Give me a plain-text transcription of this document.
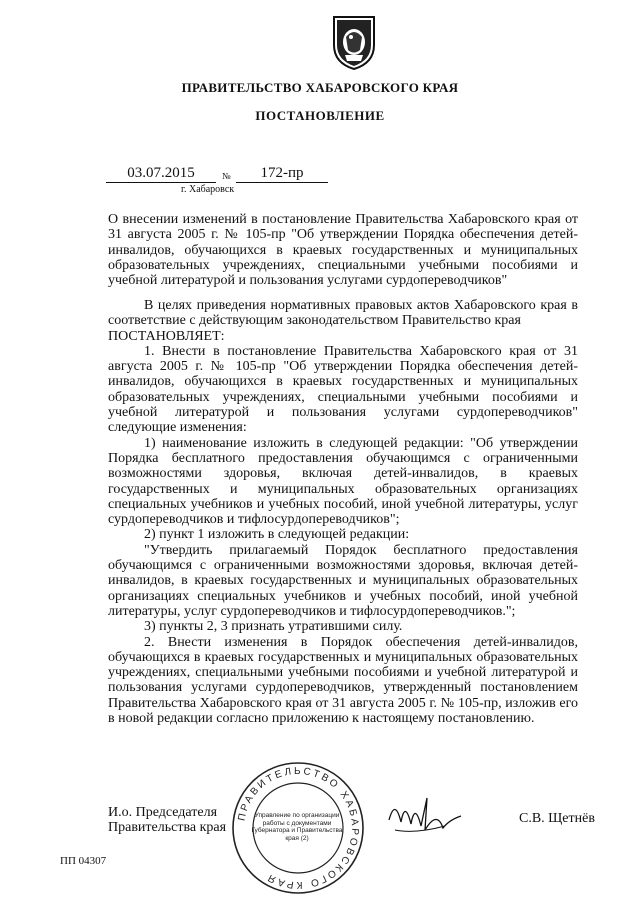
ПРАВИТЕЛЬСТВО ХАБАРОВСКОГО КРАЯ
ПОСТАНОВЛЕНИЕ
03.07.2015	№	172-пр
г. Хабаровск
О внесении изменений в постановление Правительства Хабаровского края от 31 августа 2005 г. № 105-пр "Об утверждении Порядка обеспечения детей-инвалидов, обучающихся в краевых государственных и муниципальных образовательных учреждениях, специальными учебными пособиями и учебной литературой и пользования услугами сурдопереводчиков"

В целях приведения нормативных правовых актов Хабаровского края в соответствие с действующим законодательством Правительство края

ПОСТАНОВЛЯЕТ:

1. Внести в постановление Правительства Хабаровского края от 31 августа 2005 г. № 105-пр "Об утверждении Порядка обеспечения детей-инвалидов, обучающихся в краевых государственных и муниципальных образовательных учреждениях, специальными учебными пособиями и учебной литературой и пользования услугами сурдопереводчиков" следующие изменения:

1) наименование изложить в следующей редакции: "Об утверждении Порядка бесплатного предоставления обучающимся с ограниченными возможностями здоровья, включая детей-инвалидов, в краевых государственных и муниципальных образовательных организациях специальных учебников и учебных пособий, иной учебной литературы, услуг сурдопереводчиков и тифлосурдопереводчиков";

2) пункт 1 изложить в следующей редакции:

"Утвердить прилагаемый Порядок бесплатного предоставления обучающимся с ограниченными возможностями здоровья, включая детей-инвалидов, в краевых государственных и муниципальных образовательных организациях специальных учебников и учебных пособий, иной учебной литературы, услуг сурдопереводчиков и тифлосурдопереводчиков.";

3) пункты 2, 3 признать утратившими силу.

2. Внести изменения в Порядок обеспечения детей-инвалидов, обучающихся в краевых государственных и муниципальных образовательных учреждениях, специальными учебными пособиями и учебной литературой и пользования услугами сурдопереводчиков, утвержденный постановлением Правительства Хабаровского края от 31 августа 2005 г. № 105-пр, изложив его в новой редакции согласно приложению к настоящему постановлению.

И.о. Председателя
Правительства края
ПРАВИТЕЛЬСТВО ХАБАРОВСКОГО КРАЯ
Управление по организации работы с документами Губернатора и Правительства края (2)
С.В. Щетнёв
ПП 04307
